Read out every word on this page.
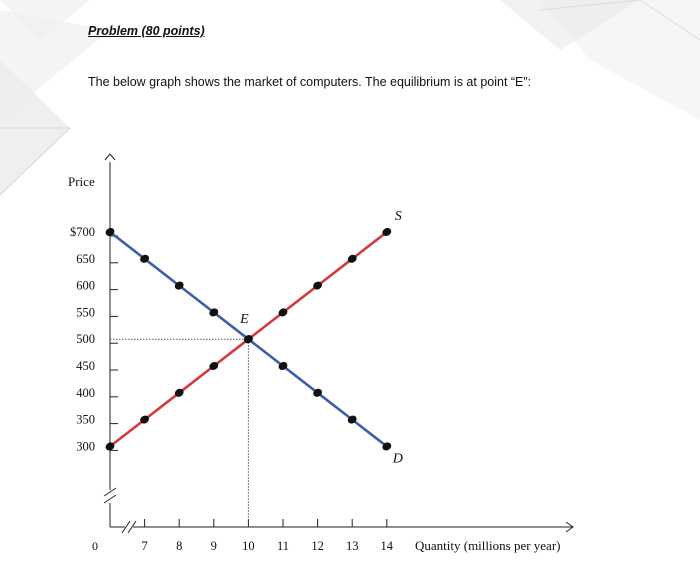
Problem (80 points)
The below graph shows the market of computers. The equilibrium is at point “E”:
$700
650
600
550
500
450
400
350
300
7 8 9 10 11 12 13 14
Price
Quantity (millions per year)
0
S
D
E
